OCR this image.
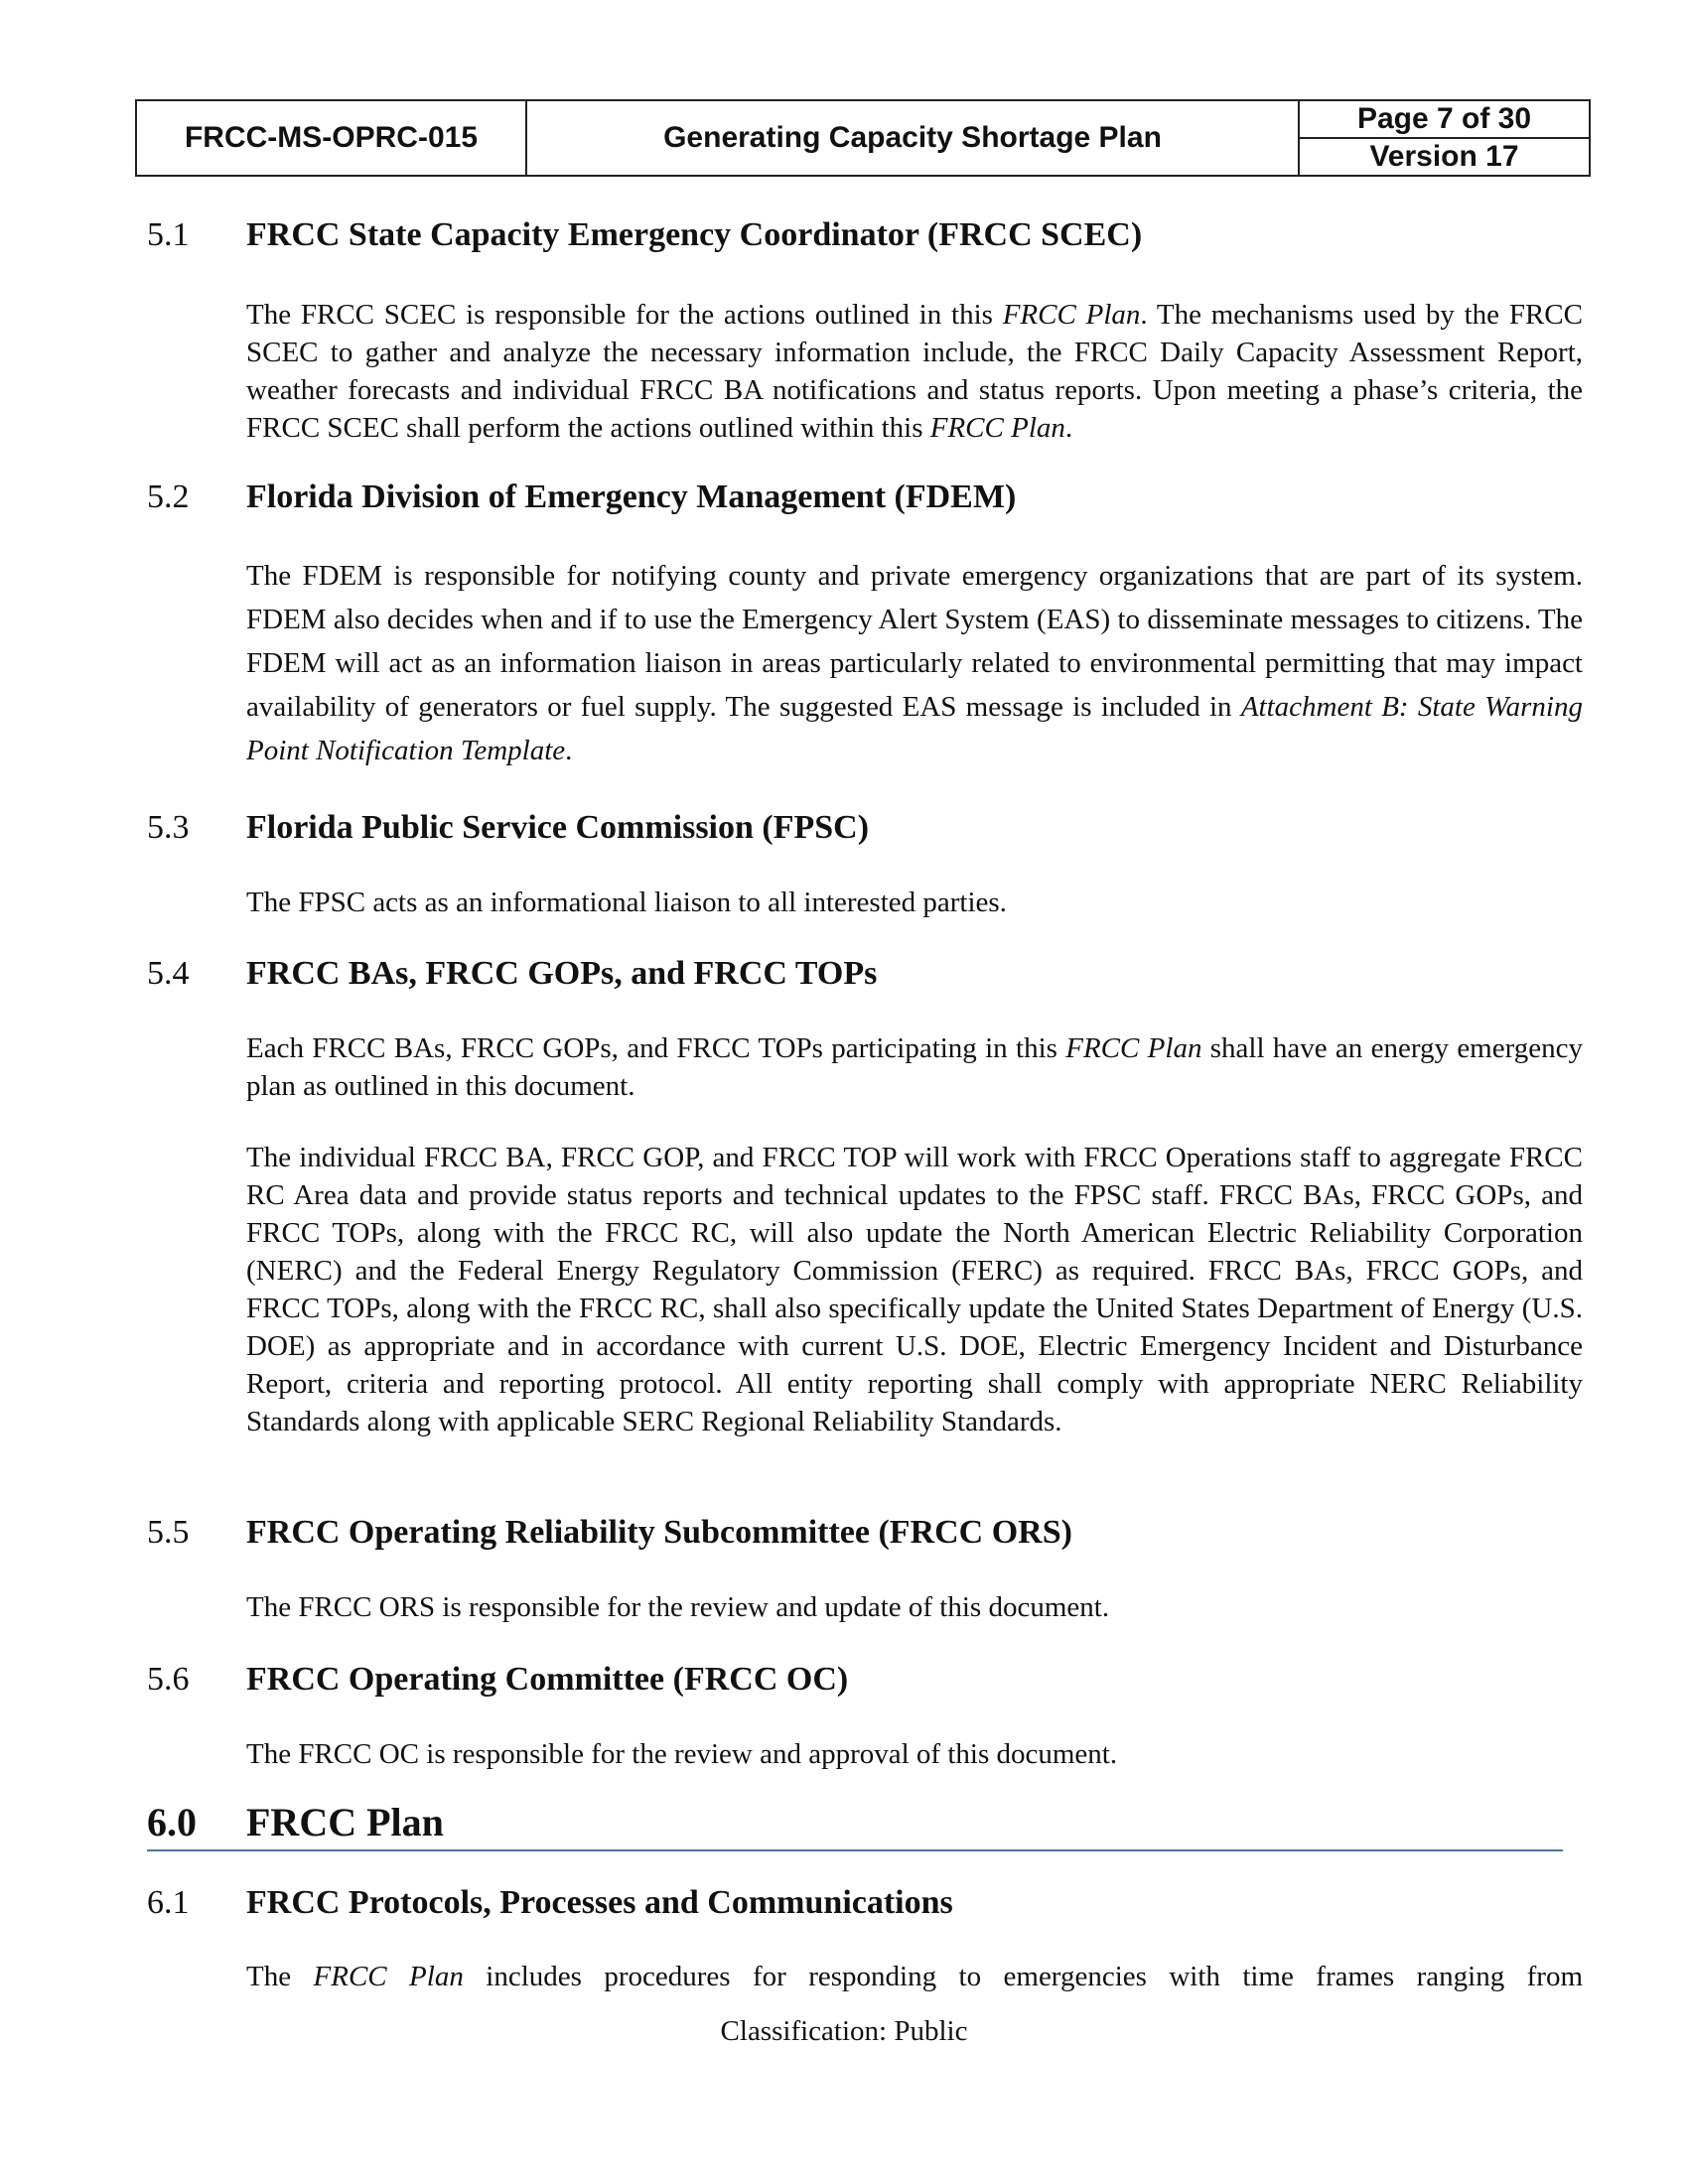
FRCC-MS-OPRC-015	Generating Capacity Shortage Plan
Page 7 of 30
Version 17
5.1 FRCC State Capacity Emergency Coordinator (FRCC SCEC)
The FRCC SCEC is responsible for the actions outlined in this FRCC Plan. The mechanisms used by the FRCC SCEC to gather and analyze the necessary information include, the FRCC Daily Capacity Assessment Report, weather forecasts and individual FRCC BA notifications and status reports. Upon meeting a phase’s criteria, the FRCC SCEC shall perform the actions outlined within this FRCC Plan.
5.2 Florida Division of Emergency Management (FDEM)
The FDEM is responsible for notifying county and private emergency organizations that are part of its system. FDEM also decides when and if to use the Emergency Alert System (EAS) to disseminate messages to citizens. The FDEM will act as an information liaison in areas particularly related to environmental permitting that may impact availability of generators or fuel supply. The suggested EAS message is included in Attachment B: State Warning Point Notification Template.
5.3 Florida Public Service Commission (FPSC)
The FPSC acts as an informational liaison to all interested parties.
5.4 FRCC BAs, FRCC GOPs, and FRCC TOPs
Each FRCC BAs, FRCC GOPs, and FRCC TOPs participating in this FRCC Plan shall have an energy emergency plan as outlined in this document.
The individual FRCC BA, FRCC GOP, and FRCC TOP will work with FRCC Operations staff to aggregate FRCC RC Area data and provide status reports and technical updates to the FPSC staff. FRCC BAs, FRCC GOPs, and FRCC TOPs, along with the FRCC RC, will also update the North American Electric Reliability Corporation (NERC) and the Federal Energy Regulatory Commission (FERC) as required. FRCC BAs, FRCC GOPs, and FRCC TOPs, along with the FRCC RC, shall also specifically update the United States Department of Energy (U.S. DOE) as appropriate and in accordance with current U.S. DOE, Electric Emergency Incident and Disturbance Report, criteria and reporting protocol. All entity reporting shall comply with appropriate NERC Reliability Standards along with applicable SERC Regional Reliability Standards.
5.5 FRCC Operating Reliability Subcommittee (FRCC ORS)
The FRCC ORS is responsible for the review and update of this document.
5.6 FRCC Operating Committee (FRCC OC)
The FRCC OC is responsible for the review and approval of this document.
6.0 FRCC Plan
6.1 FRCC Protocols, Processes and Communications
The FRCC Plan includes procedures for responding to emergencies with time frames ranging from
Classification: Public
